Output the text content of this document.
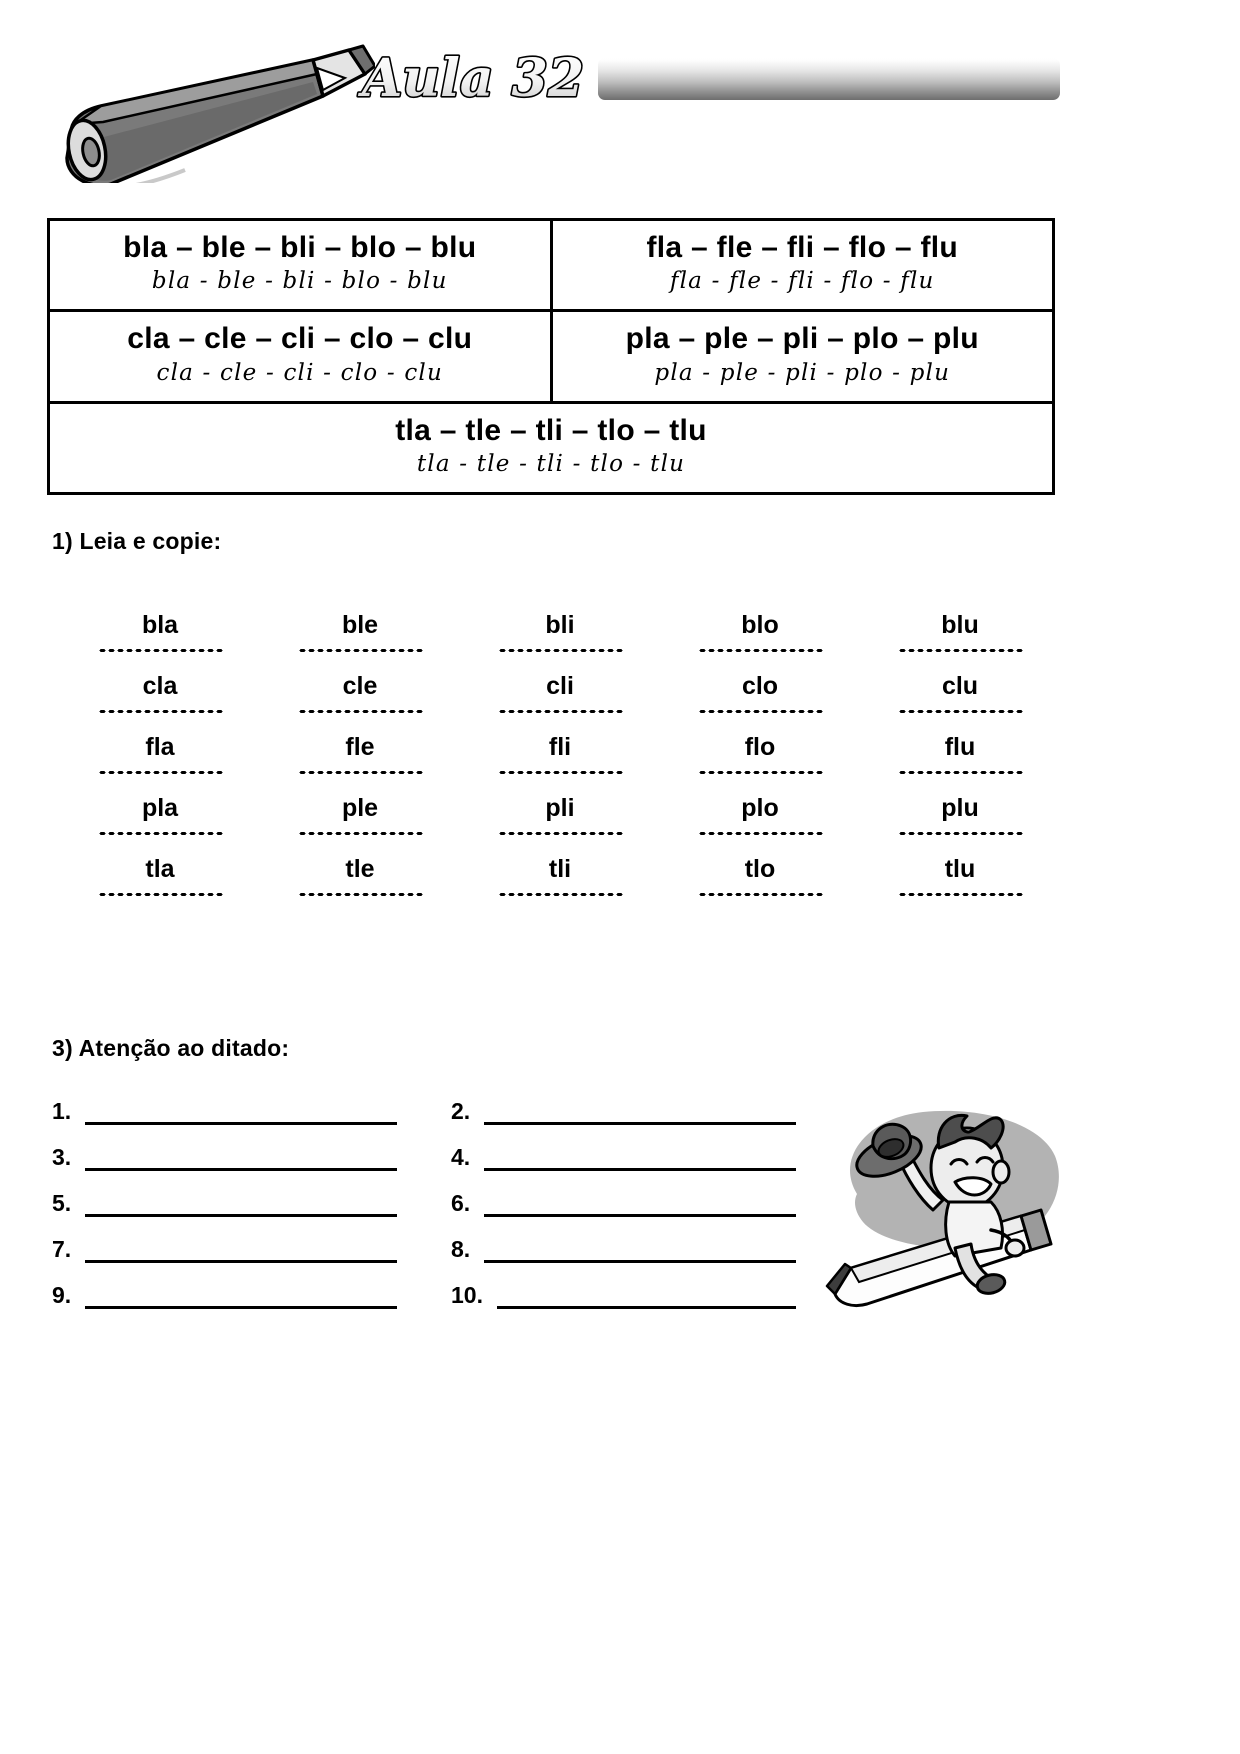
Aula 32
bla – ble – bli – blo – blu
bla - ble - bli - blo - blu

fla – fle – fli – flo – flu
fla - fle - fli - flo - flu

cla – cle – cli – clo – clu
cla - cle - cli - clo - clu

pla – ple – pli – plo – plu
pla - ple - pli - plo - plu

tla – tle – tli – tlo – tlu
tla - tle - tli - tlo - tlu	
1) Leia e copie:
bla	ble	bli	blo	blu
cla	cle	cli	clo	clu
fla	fle	fli	flo	flu
pla	ple	pli	plo	plu
tla	tle	tli	tlo	tlu
3) Atenção ao ditado:
1.	2.
3.	4.
5.	6.
7.	8.
9.	10.
